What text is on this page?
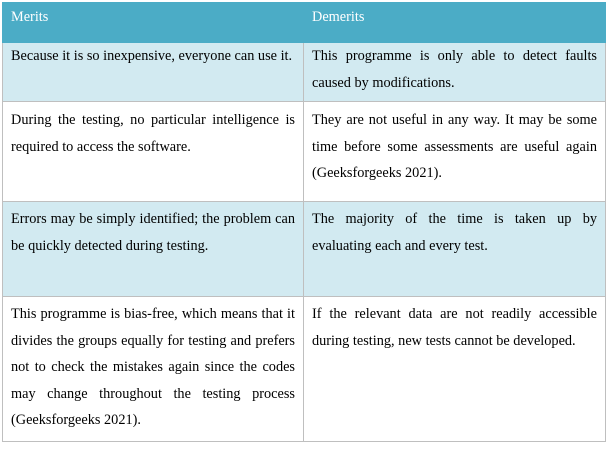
Merits	Demerits
Because it is so inexpensive, everyone can use it.	This programme is only able to detect faults caused by modifications.
During the testing, no particular intelligence is required to access the software.	They are not useful in any way. It may be some time before some assessments are useful again (Geeksforgeeks 2021).
Errors may be simply identified; the problem can be quickly detected during testing.	The majority of the time is taken up by evaluating each and every test.
This programme is bias-free, which means that it divides the groups equally for testing and prefers not to check the mistakes again since the codes may change throughout the testing process (Geeksforgeeks 2021).	If the relevant data are not readily accessible during testing, new tests cannot be developed.
